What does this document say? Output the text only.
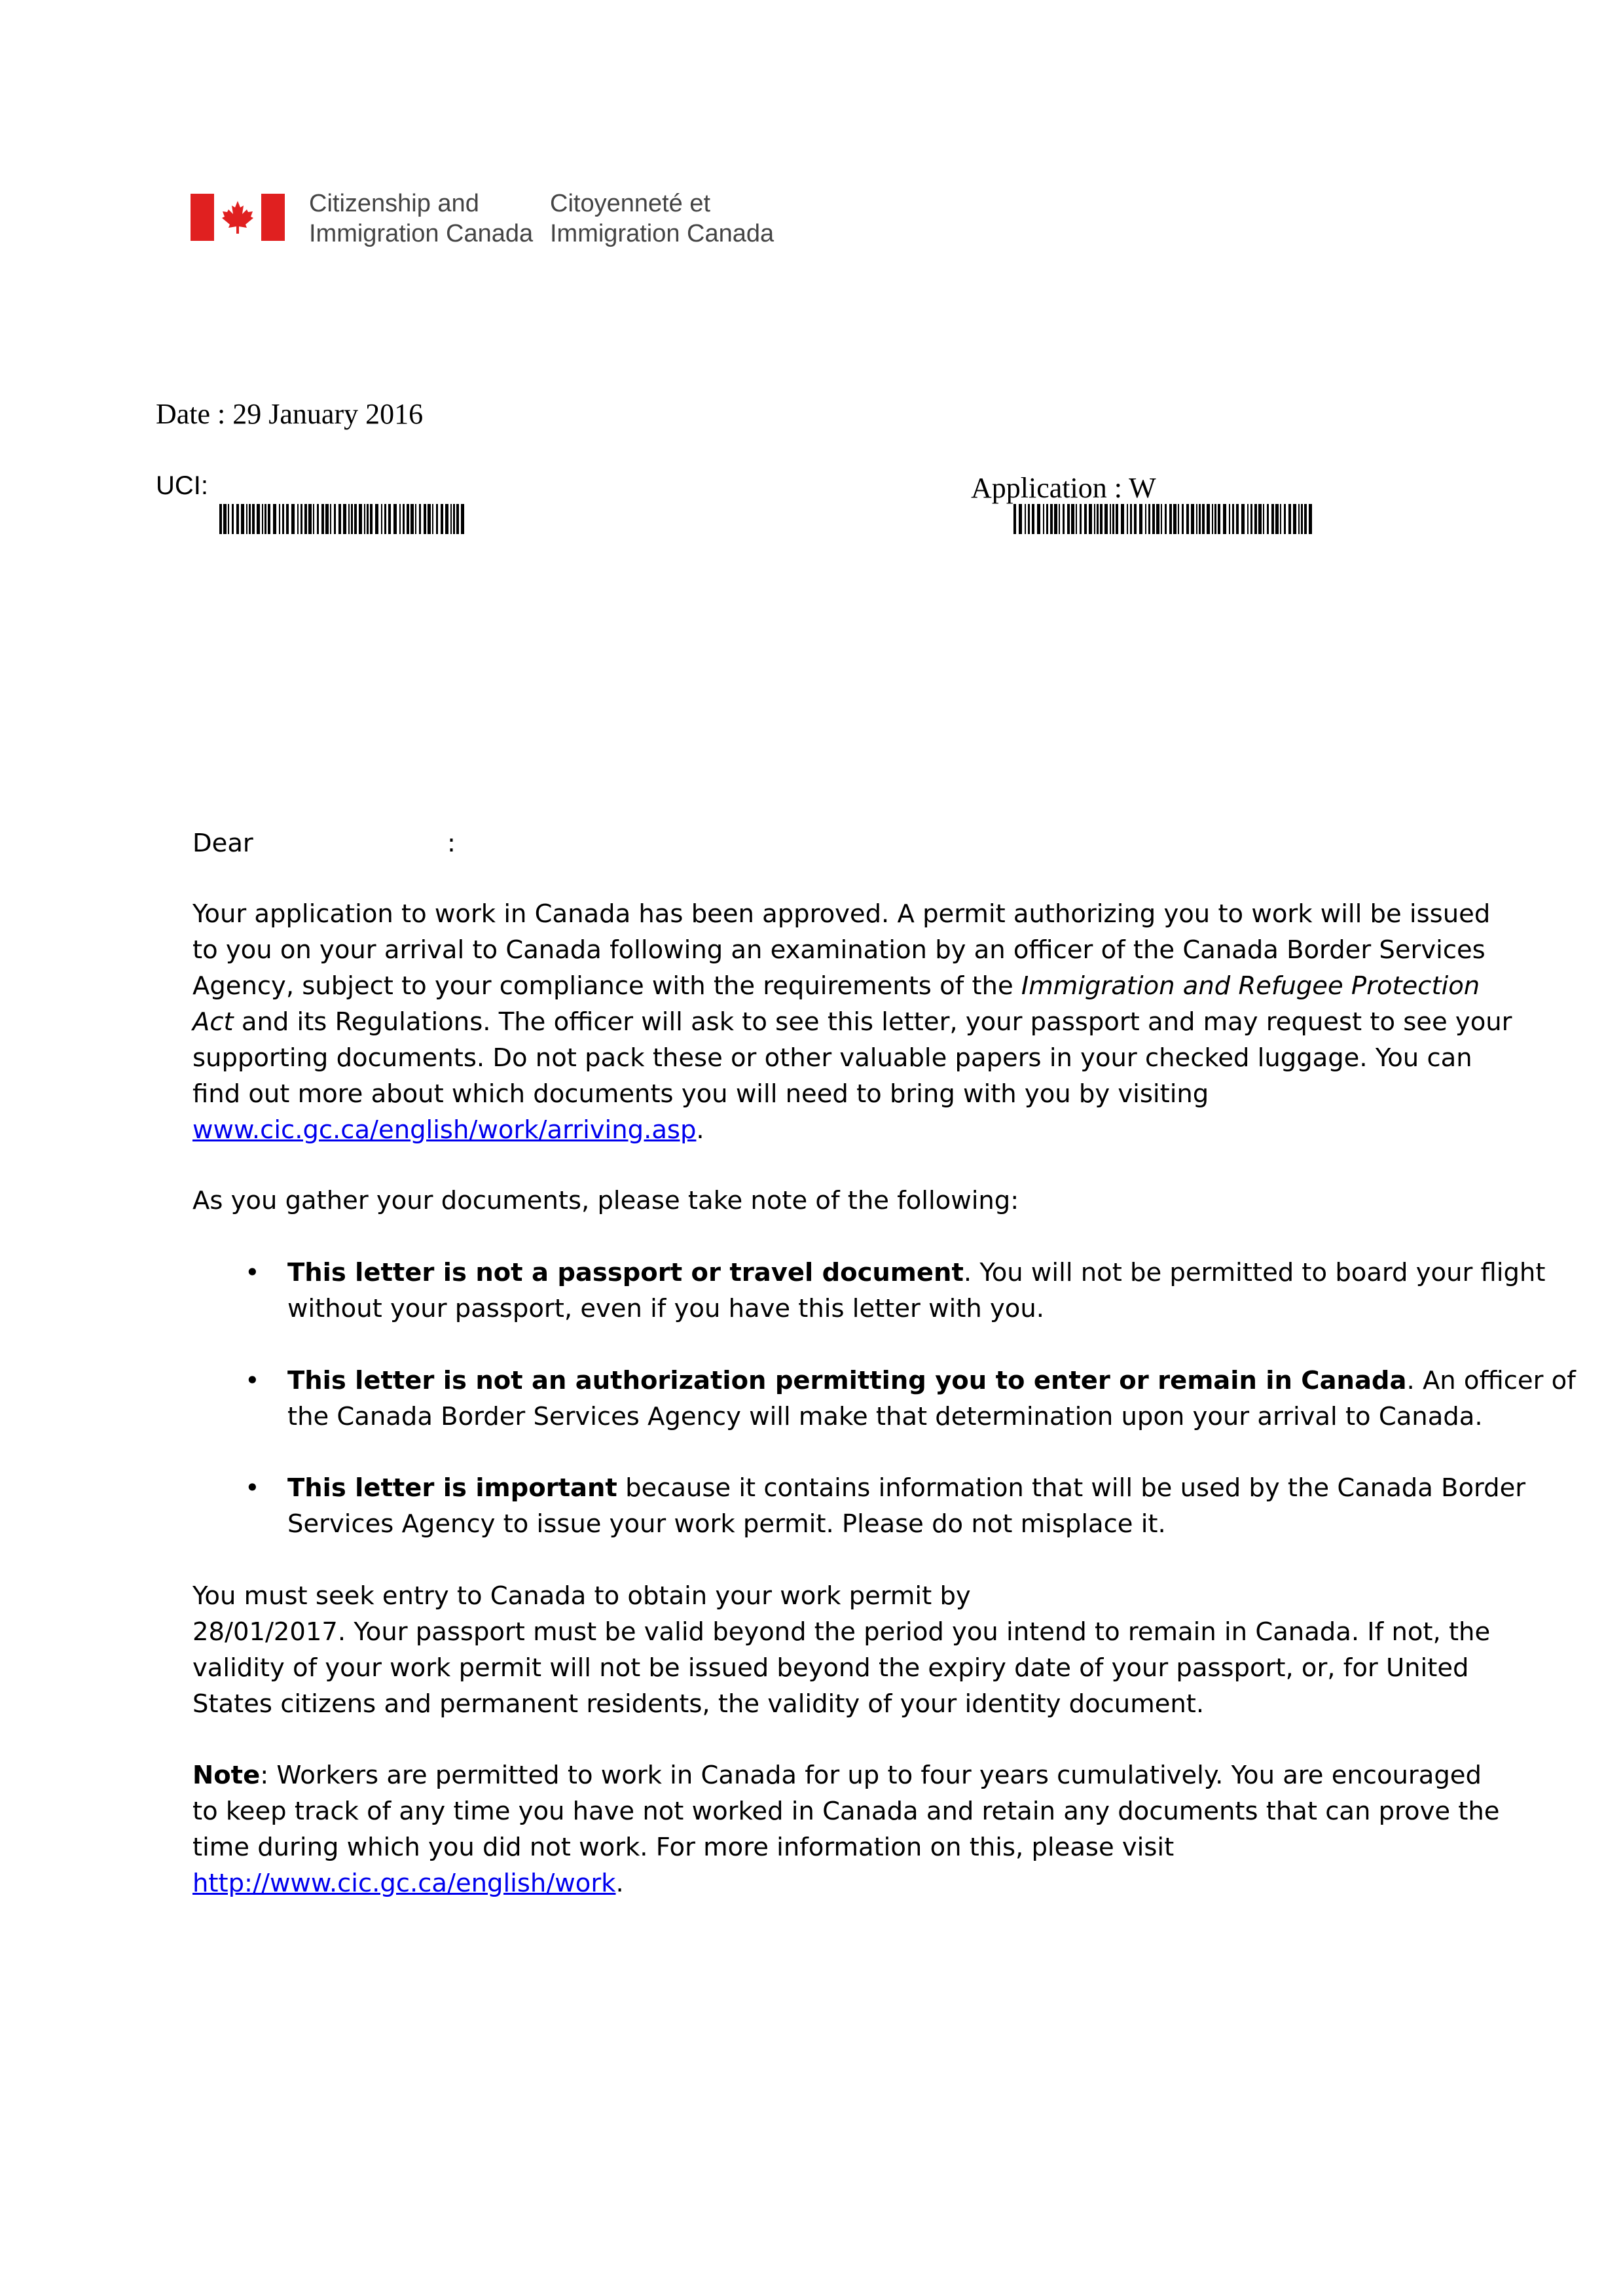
Citizenship and
Immigration Canada
Citoyenneté et
Immigration Canada
Date : 29 January 2016
UCI:	Application : W
Dear	:
Your application to work in Canada has been approved. A permit authorizing you to work will be issued
to you on your arrival to Canada following an examination by an officer of the Canada Border Services
Agency, subject to your compliance with the requirements of the Immigration and Refugee Protection
Act and its Regulations. The officer will ask to see this letter, your passport and may request to see your
supporting documents. Do not pack these or other valuable papers in your checked luggage. You can
find out more about which documents you will need to bring with you by visiting
www.cic.gc.ca/english/work/arriving.asp.
As you gather your documents, please take note of the following:
• This letter is not a passport or travel document. You will not be permitted to board your flight
without your passport, even if you have this letter with you.
• This letter is not an authorization permitting you to enter or remain in Canada. An officer of
the Canada Border Services Agency will make that determination upon your arrival to Canada.
• This letter is important because it contains information that will be used by the Canada Border
Services Agency to issue your work permit. Please do not misplace it.
You must seek entry to Canada to obtain your work permit by
28/01/2017. Your passport must be valid beyond the period you intend to remain in Canada. If not, the
validity of your work permit will not be issued beyond the expiry date of your passport, or, for United
States citizens and permanent residents, the validity of your identity document.
Note: Workers are permitted to work in Canada for up to four years cumulatively. You are encouraged
to keep track of any time you have not worked in Canada and retain any documents that can prove the
time during which you did not work. For more information on this, please visit
http://www.cic.gc.ca/english/work.
